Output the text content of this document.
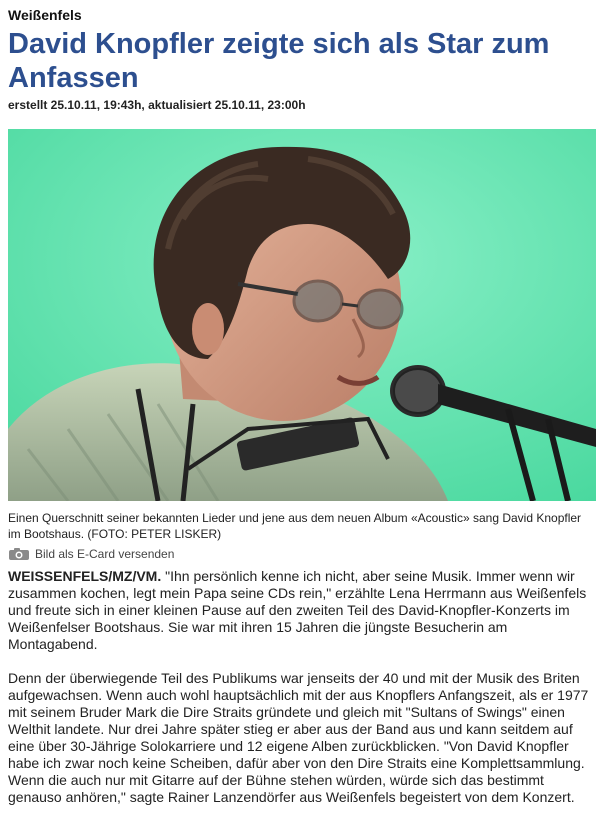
Weißenfels
David Knopfler zeigte sich als Star zum Anfassen
erstellt 25.10.11, 19:43h, aktualisiert 25.10.11, 23:00h
Einen Querschnitt seiner bekannten Lieder und jene aus dem neuen Album «Acoustic» sang David Knopfler im Bootshaus. (FOTO: PETER LISKER)
Bild als E-Card versenden

WEISSENFELS/MZ/VM. "Ihn persönlich kenne ich nicht, aber seine Musik. Immer wenn wir zusammen kochen, legt mein Papa seine CDs rein," erzählte Lena Herrmann aus Weißenfels und freute sich in einer kleinen Pause auf den zweiten Teil des David-Knopfler-Konzerts im Weißenfelser Bootshaus. Sie war mit ihren 15 Jahren die jüngste Besucherin am Montagabend.

Denn der überwiegende Teil des Publikums war jenseits der 40 und mit der Musik des Briten aufgewachsen. Wenn auch wohl hauptsächlich mit der aus Knopflers Anfangszeit, als er 1977 mit seinem Bruder Mark die Dire Straits gründete und gleich mit "Sultans of Swings" einen Welthit landete. Nur drei Jahre später stieg er aber aus der Band aus und kann seitdem auf eine über 30-Jährige Solokarriere und 12 eigene Alben zurückblicken. "Von David Knopfler habe ich zwar noch keine Scheiben, dafür aber von den Dire Straits eine Komplettsammlung. Wenn die auch nur mit Gitarre auf der Bühne stehen würden, würde sich das bestimmt genauso anhören," sagte Rainer Lanzendörfer aus Weißenfels begeistert von dem Konzert.
